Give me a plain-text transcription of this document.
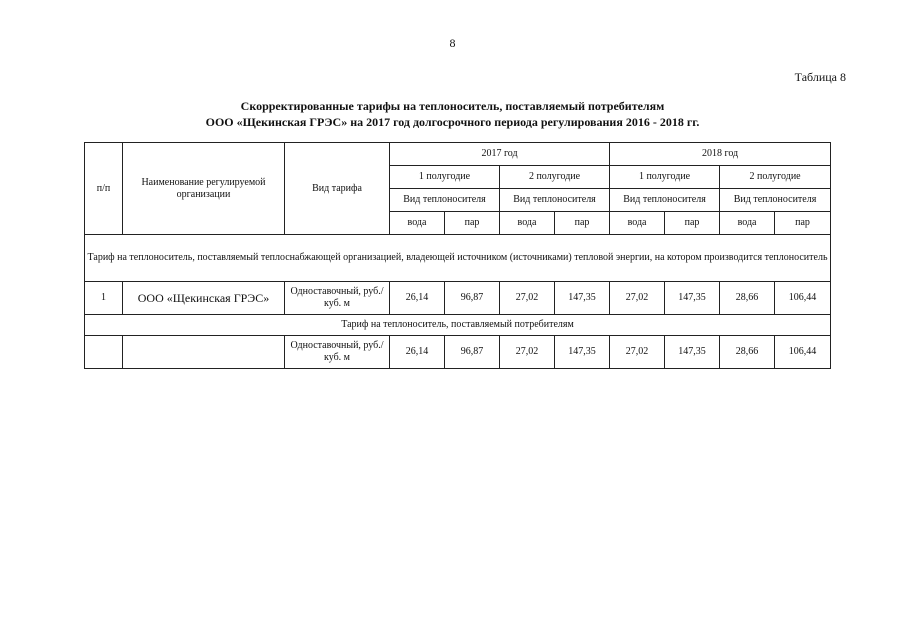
8
Таблица 8
Скорректированные тарифы на теплоноситель, поставляемый потребителям
ООО «Щекинская ГРЭС» на 2017 год долгосрочного периода регулирования 2016 - 2018 гг.
п/п	Наименование регулируемой организации	Вид тарифа	2017 год				2018 год			
			1 полугодие		2 полугодие		1 полугодие		2 полугодие	
			Вид теплоносителя		Вид теплоносителя		Вид теплоносителя		Вид теплоносителя	
			вода	пар	вода	пар	вода	пар	вода	пар
Тариф на теплоноситель, поставляемый теплоснабжающей организацией, владеющей источником (источниками) тепловой энергии, на котором производится теплоноситель										
1	ООО «Щекинская ГРЭС»	Одноставочный, руб./куб. м	26,14	96,87	27,02	147,35	27,02	147,35	28,66	106,44
Тариф на теплоноситель, поставляемый потребителям										
		Одноставочный, руб./куб. м	26,14	96,87	27,02	147,35	27,02	147,35	28,66	106,44
